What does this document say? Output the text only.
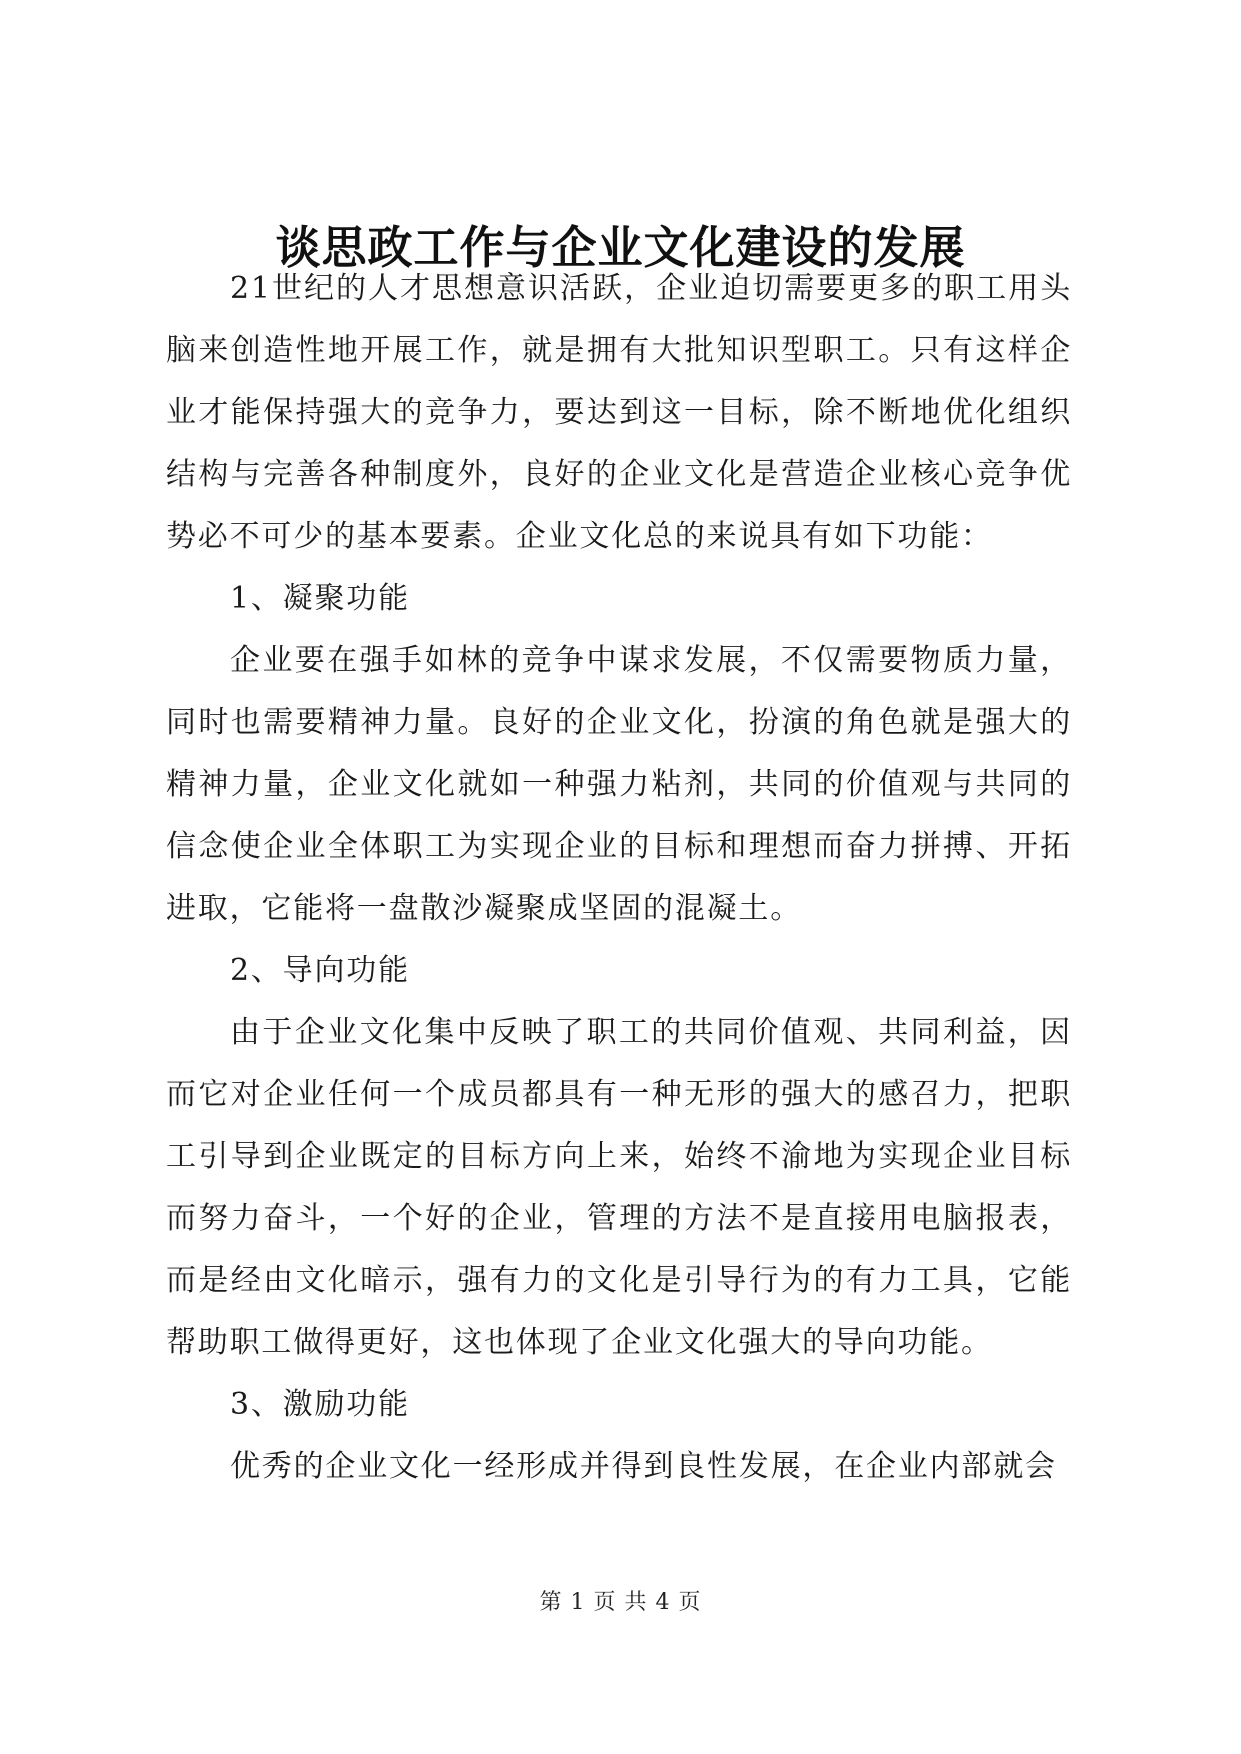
谈思政工作与企业文化建设的发展

21世纪的人才思想意识活跃，企业迫切需要更多的职工用头脑来创造性地开展工作，就是拥有大批知识型职工。只有这样企业才能保持强大的竞争力，要达到这一目标，除不断地优化组织结构与完善各种制度外，良好的企业文化是营造企业核心竞争优势必不可少的基本要素。企业文化总的来说具有如下功能：

1、凝聚功能

企业要在强手如林的竞争中谋求发展，不仅需要物质力量，同时也需要精神力量。良好的企业文化，扮演的角色就是强大的精神力量，企业文化就如一种强力粘剂，共同的价值观与共同的信念使企业全体职工为实现企业的目标和理想而奋力拼搏、开拓进取，它能将一盘散沙凝聚成坚固的混凝土。

2、导向功能

由于企业文化集中反映了职工的共同价值观、共同利益，因而它对企业任何一个成员都具有一种无形的强大的感召力，把职工引导到企业既定的目标方向上来，始终不渝地为实现企业目标而努力奋斗，一个好的企业，管理的方法不是直接用电脑报表，而是经由文化暗示，强有力的文化是引导行为的有力工具，它能帮助职工做得更好，这也体现了企业文化强大的导向功能。

3、激励功能

优秀的企业文化一经形成并得到良性发展，在企业内部就会

第 1 页 共 4 页
